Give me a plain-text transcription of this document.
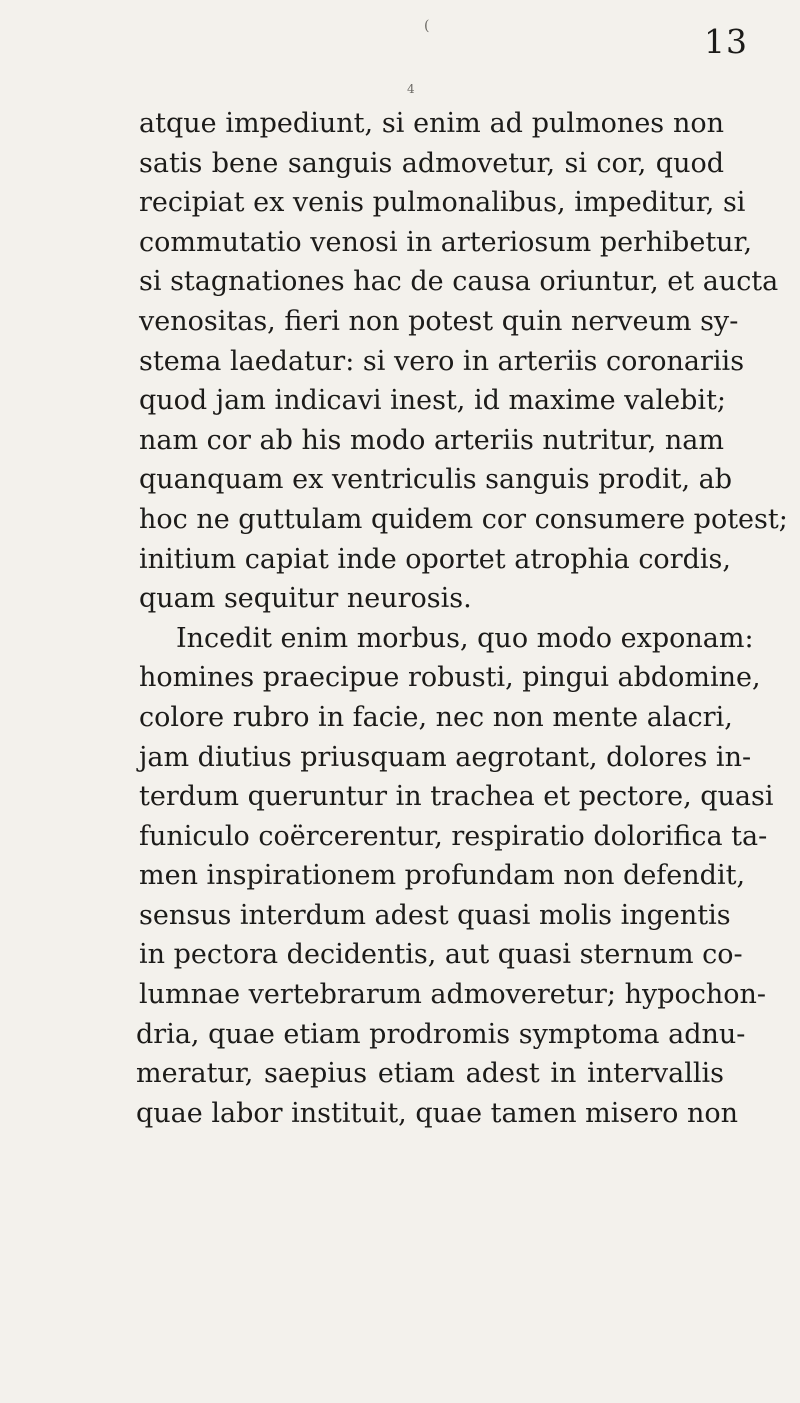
(
4
13
atque impediunt, si enim ad pulmones non
satis bene sanguis admovetur, si cor, quod
recipiat ex venis pulmonalibus, impeditur, si
commutatio venosi in arteriosum perhibetur,
si stagnationes hac de causa oriuntur, et aucta
venositas, fieri non potest quin nerveum sy-
stema laedatur: si vero in arteriis coronariis
quod jam indicavi inest, id maxime valebit;
nam cor ab his modo arteriis nutritur, nam
quanquam ex ventriculis sanguis prodit, ab
hoc ne guttulam quidem cor consumere potest;
initium capiat inde oportet atrophia cordis,
quam sequitur neurosis.
Incedit enim morbus, quo modo exponam:
homines praecipue robusti, pingui abdomine,
colore rubro in facie, nec non mente alacri,
jam diutius priusquam aegrotant, dolores in-
terdum queruntur in trachea et pectore, quasi
funiculo coërcerentur, respiratio dolorifica ta-
men inspirationem profundam non defendit,
sensus interdum adest quasi molis ingentis
in pectora decidentis, aut quasi sternum co-
lumnae vertebrarum admoveretur; hypochon-
dria, quae etiam prodromis symptoma adnu-
meratur, saepius etiam adest in intervallis
quae labor instituit, quae tamen misero non
